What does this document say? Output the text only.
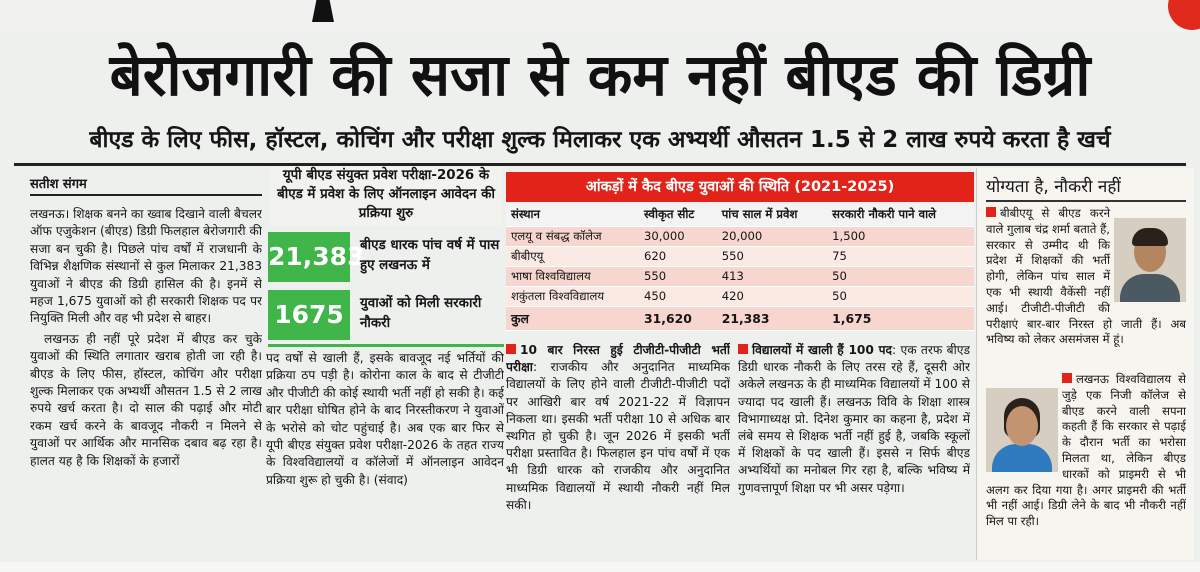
बेरोजगारी की सजा से कम नहीं बीएड की डिग्री
बीएड के लिए फीस, हॉस्टल, कोचिंग और परीक्षा शुल्क मिलाकर एक अभ्यर्थी औसतन 1.5 से 2 लाख रुपये करता है खर्च
सतीश संगम

लखनऊ। शिक्षक बनने का ख्वाब दिखाने वाली बैचलर ऑफ एजुकेशन (बीएड) डिग्री फिलहाल बेरोजगारी की सजा बन चुकी है। पिछले पांच वर्षों में राजधानी के विभिन्न शैक्षणिक संस्थानों से कुल मिलाकर 21,383 युवाओं ने बीएड की डिग्री हासिल की है। इनमें से महज 1,675 युवाओं को ही सरकारी शिक्षक पद पर नियुक्ति मिली और वह भी प्रदेश से बाहर।

लखनऊ ही नहीं पूरे प्रदेश में बीएड कर चुके युवाओं की स्थिति लगातार खराब होती जा रही है। बीएड के लिए फीस, हॉस्टल, कोचिंग और परीक्षा शुल्क मिलाकर एक अभ्यर्थी औसतन 1.5 से 2 लाख रुपये खर्च करता है। दो साल की पढ़ाई और मोटी रकम खर्च करने के बावजूद नौकरी न मिलने से युवाओं पर आर्थिक और मानसिक दबाव बढ़ रहा है। हालत यह है कि शिक्षकों के हजारों

यूपी बीएड संयुक्त प्रवेश परीक्षा-2026 के बीएड में प्रवेश के लिए ऑनलाइन आवेदन की प्रक्रिया शुरु
21,383
बीएड धारक पांच वर्ष में पास हुए लखनऊ में
1675	युवाओं को मिली सरकारी नौकरी
पद वर्षों से खाली हैं, इसके बावजूद नई भर्तियों की प्रक्रिया ठप पड़ी है। कोरोना काल के बाद से टीजीटी और पीजीटी की कोई स्थायी भर्ती नहीं हो सकी है। कई बार परीक्षा घोषित होने के बाद निरस्तीकरण ने युवाओं के भरोसे को चोट पहुंचाई है। अब एक बार फिर से यूपी बीएड संयुक्त प्रवेश परीक्षा-2026 के तहत राज्य के विश्वविद्यालयों व कॉलेजों में ऑनलाइन आवेदन प्रक्रिया शुरू हो चुकी है। (संवाद)
आंकड़ों में कैद बीएड युवाओं की स्थिति (2021-2025)
संस्थान	स्वीकृत सीट	पांच साल में प्रवेश	सरकारी नौकरी पाने वाले
एलयू व संबद्ध कॉलेज	30,000	20,000	1,500
बीबीएयू	620	550	75
भाषा विश्वविद्यालय	550	413	50
शकुंतला विश्वविद्यालय	450	420	50
कुल	31,620	21,383	1,675
10 बार निरस्त हुई टीजीटी-पीजीटी भर्ती परीक्षा: राजकीय और अनुदानित माध्यमिक विद्यालयों के लिए होने वाली टीजीटी-पीजीटी पदों पर आखिरी बार वर्ष 2021-22 में विज्ञापन निकला था। इसकी भर्ती परीक्षा 10 से अधिक बार स्थगित हो चुकी है। जून 2026 में इसकी भर्ती परीक्षा प्रस्तावित है। फिलहाल इन पांच वर्षों में एक भी डिग्री धारक को राजकीय और अनुदानित माध्यमिक विद्यालयों में स्थायी नौकरी नहीं मिल सकी।
विद्यालयों में खाली हैं 100 पद: एक तरफ बीएड डिग्री धारक नौकरी के लिए तरस रहे हैं, दूसरी ओर अकेले लखनऊ के ही माध्यमिक विद्यालयों में 100 से ज्यादा पद खाली हैं। लखनऊ विवि के शिक्षा शास्त्र विभागाध्यक्ष प्रो. दिनेश कुमार का कहना है, प्रदेश में लंबे समय से शिक्षक भर्ती नहीं हुई है, जबकि स्कूलों में शिक्षकों के पद खाली हैं। इससे न सिर्फ बीएड अभ्यर्थियों का मनोबल गिर रहा है, बल्कि भविष्य में गुणवत्तापूर्ण शिक्षा पर भी असर पड़ेगा।
योग्यता है, नौकरी नहीं
बीबीएयू से बीएड करने वाले गुलाब चंद्र शर्मा बताते हैं, सरकार से उम्मीद थी कि प्रदेश में शिक्षकों की भर्ती होगी, लेकिन पांच साल में एक भी स्थायी वैकेंसी नहीं आई। टीजीटी-पीजीटी की परीक्षाएं बार-बार निरस्त हो जाती हैं। अब भविष्य को लेकर असमंजस में हूं।
लखनऊ विश्वविद्यालय से जुड़े एक निजी कॉलेज से बीएड करने वाली सपना कहती हैं कि सरकार से पढ़ाई के दौरान भर्ती का भरोसा मिलता था, लेकिन बीएड धारकों को प्राइमरी से भी अलग कर दिया गया है। अगर प्राइमरी की भर्ती भी नहीं आई। डिग्री लेने के बाद भी नौकरी नहीं मिल पा रही।
